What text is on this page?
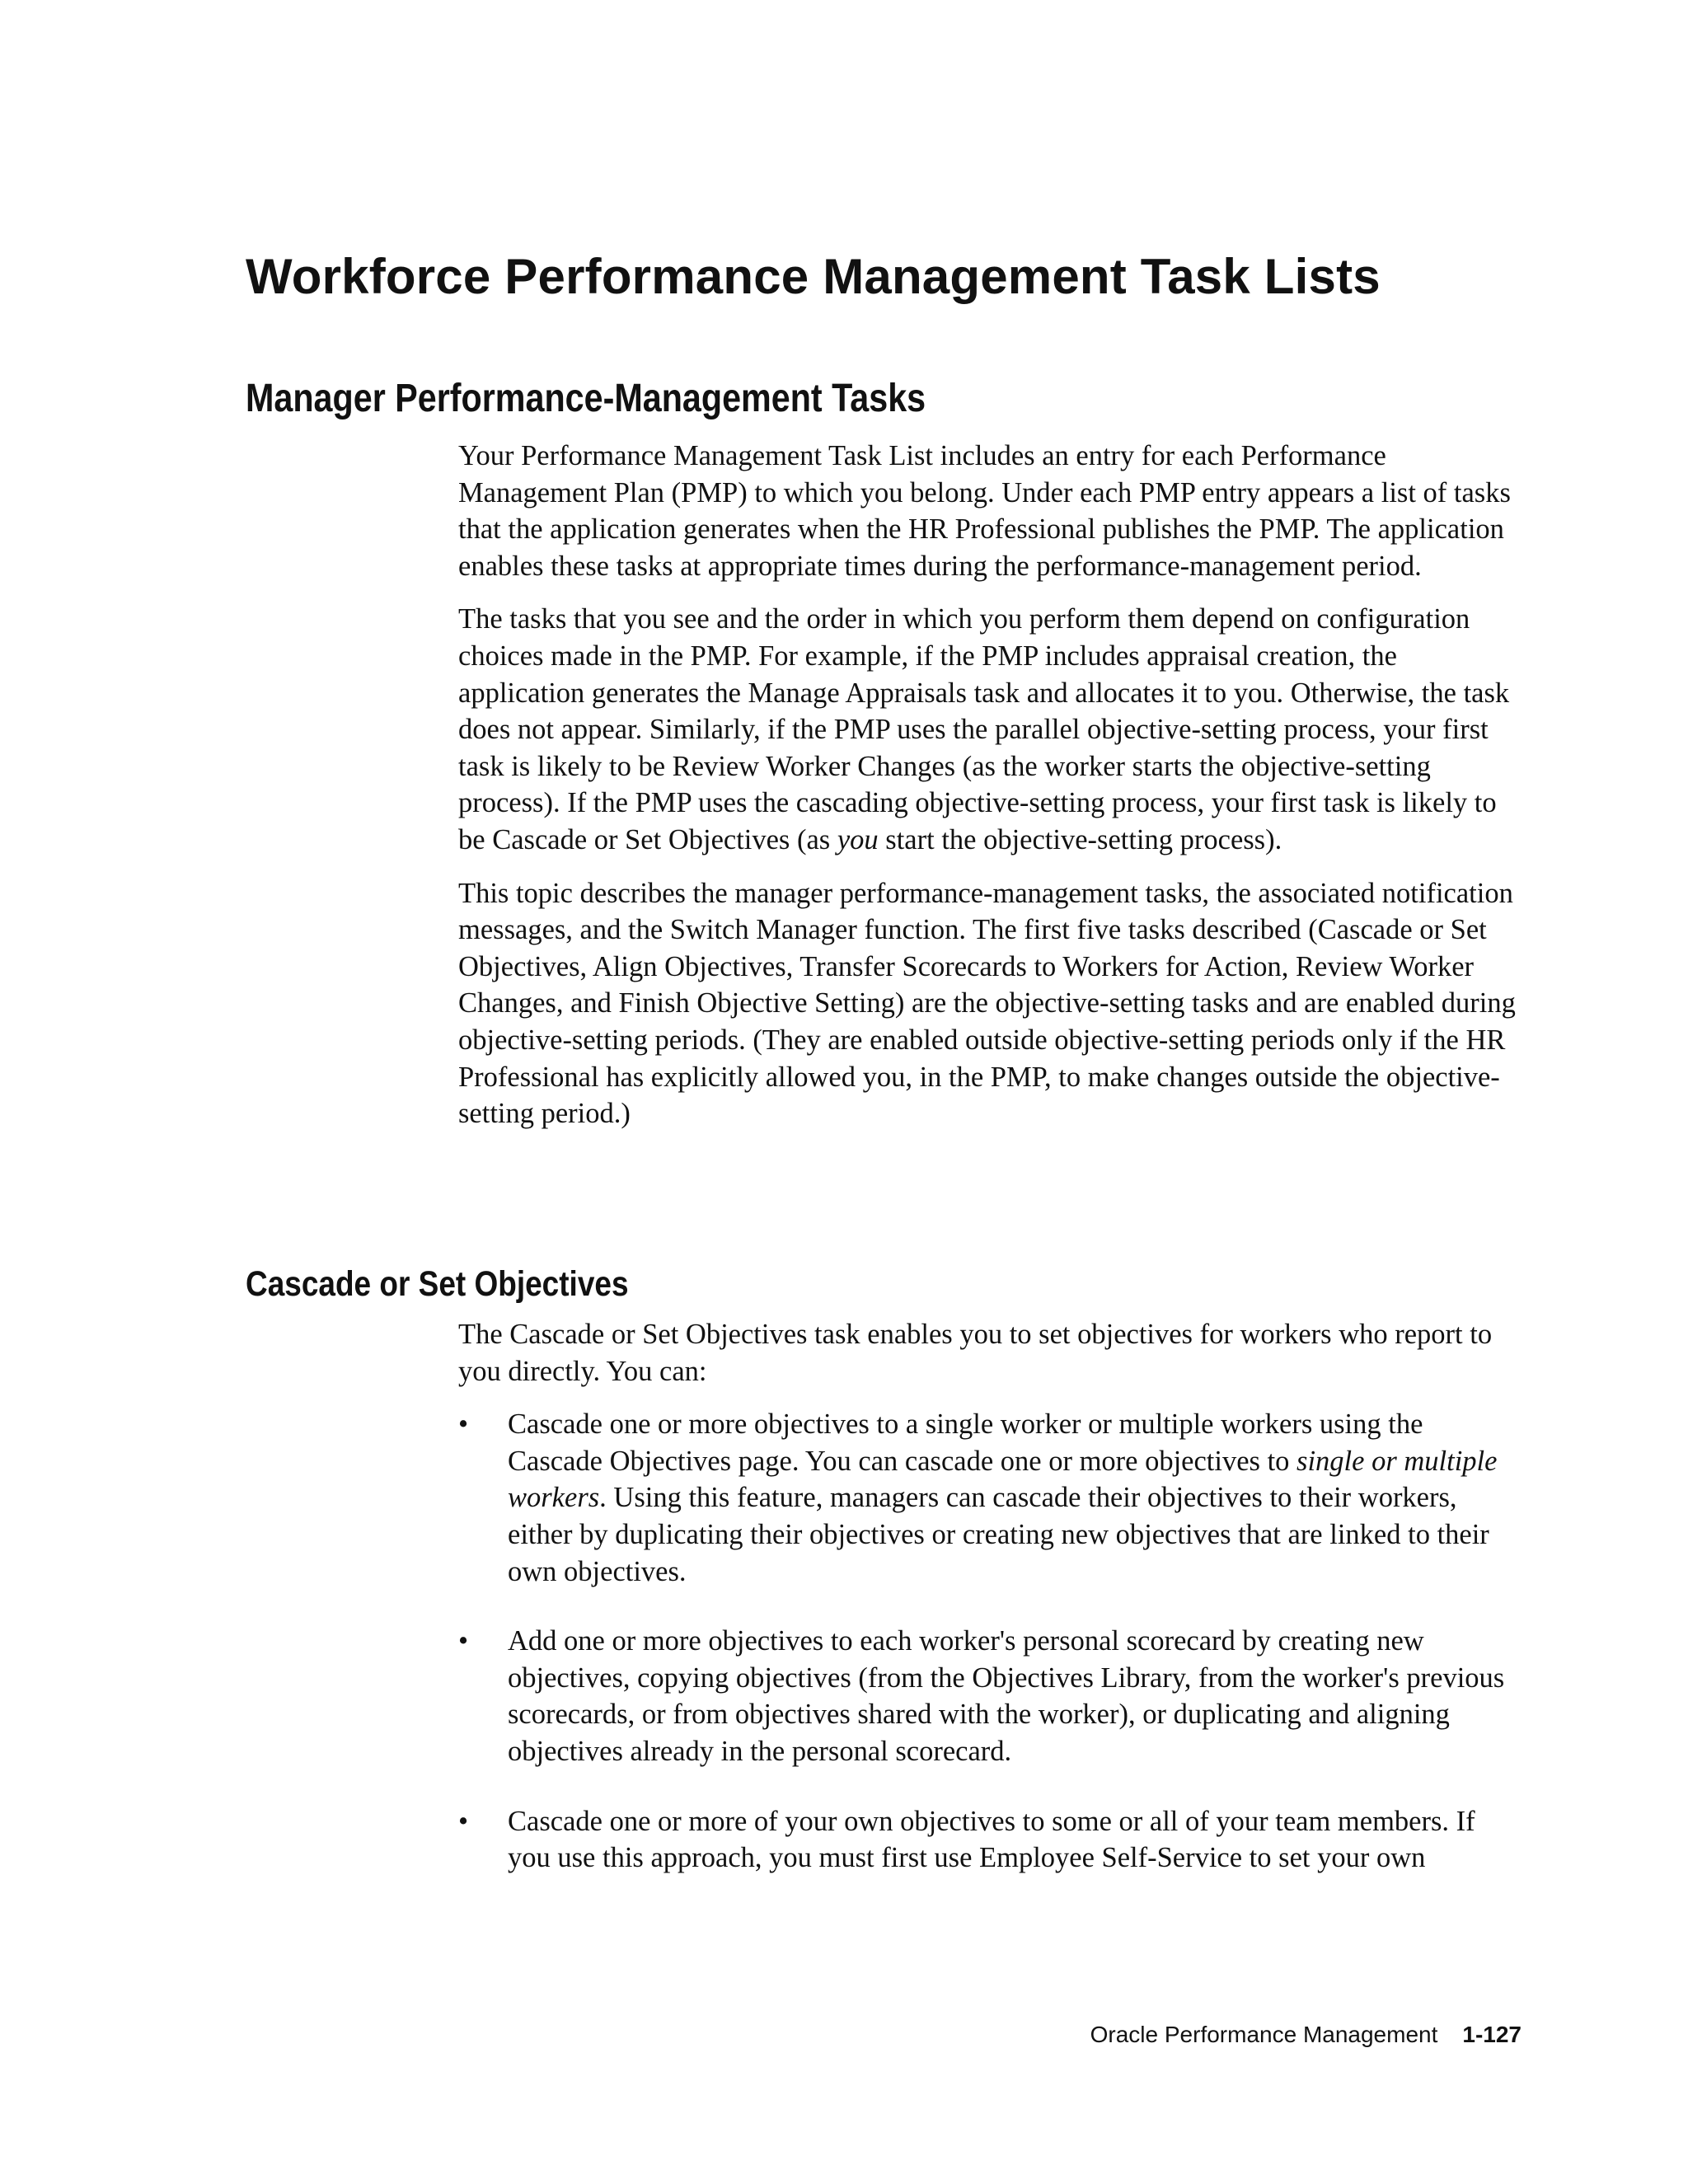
Workforce Performance Management Task Lists
Manager Performance-Management Tasks

Your Performance Management Task List includes an entry for each Performance Management Plan (PMP) to which you belong. Under each PMP entry appears a list of tasks that the application generates when the HR Professional publishes the PMP. The application enables these tasks at appropriate times during the performance-management period.

The tasks that you see and the order in which you perform them depend on configuration choices made in the PMP. For example, if the PMP includes appraisal creation, the application generates the Manage Appraisals task and allocates it to you. Otherwise, the task does not appear. Similarly, if the PMP uses the parallel objective-setting process, your first task is likely to be Review Worker Changes (as the worker starts the objective-setting process). If the PMP uses the cascading objective-setting process, your first task is likely to be Cascade or Set Objectives (as you start the objective-setting process).

This topic describes the manager performance-management tasks, the associated notification messages, and the Switch Manager function. The first five tasks described (Cascade or Set Objectives, Align Objectives, Transfer Scorecards to Workers for Action, Review Worker Changes, and Finish Objective Setting) are the objective-setting tasks and are enabled during objective-setting periods. (They are enabled outside objective-setting periods only if the HR Professional has explicitly allowed you, in the PMP, to make changes outside the objective-setting period.)

Cascade or Set Objectives

The Cascade or Set Objectives task enables you to set objectives for workers who report to you directly. You can:

• Cascade one or more objectives to a single worker or multiple workers using the Cascade Objectives page. You can cascade one or more objectives to single or multiple workers. Using this feature, managers can cascade their objectives to their workers, either by duplicating their objectives or creating new objectives that are linked to their own objectives.
• Add one or more objectives to each worker's personal scorecard by creating new objectives, copying objectives (from the Objectives Library, from the worker's previous scorecards, or from objectives shared with the worker), or duplicating and aligning objectives already in the personal scorecard.
• Cascade one or more of your own objectives to some or all of your team members. If you use this approach, you must first use Employee Self-Service to set your own
Oracle Performance Management 1-127
